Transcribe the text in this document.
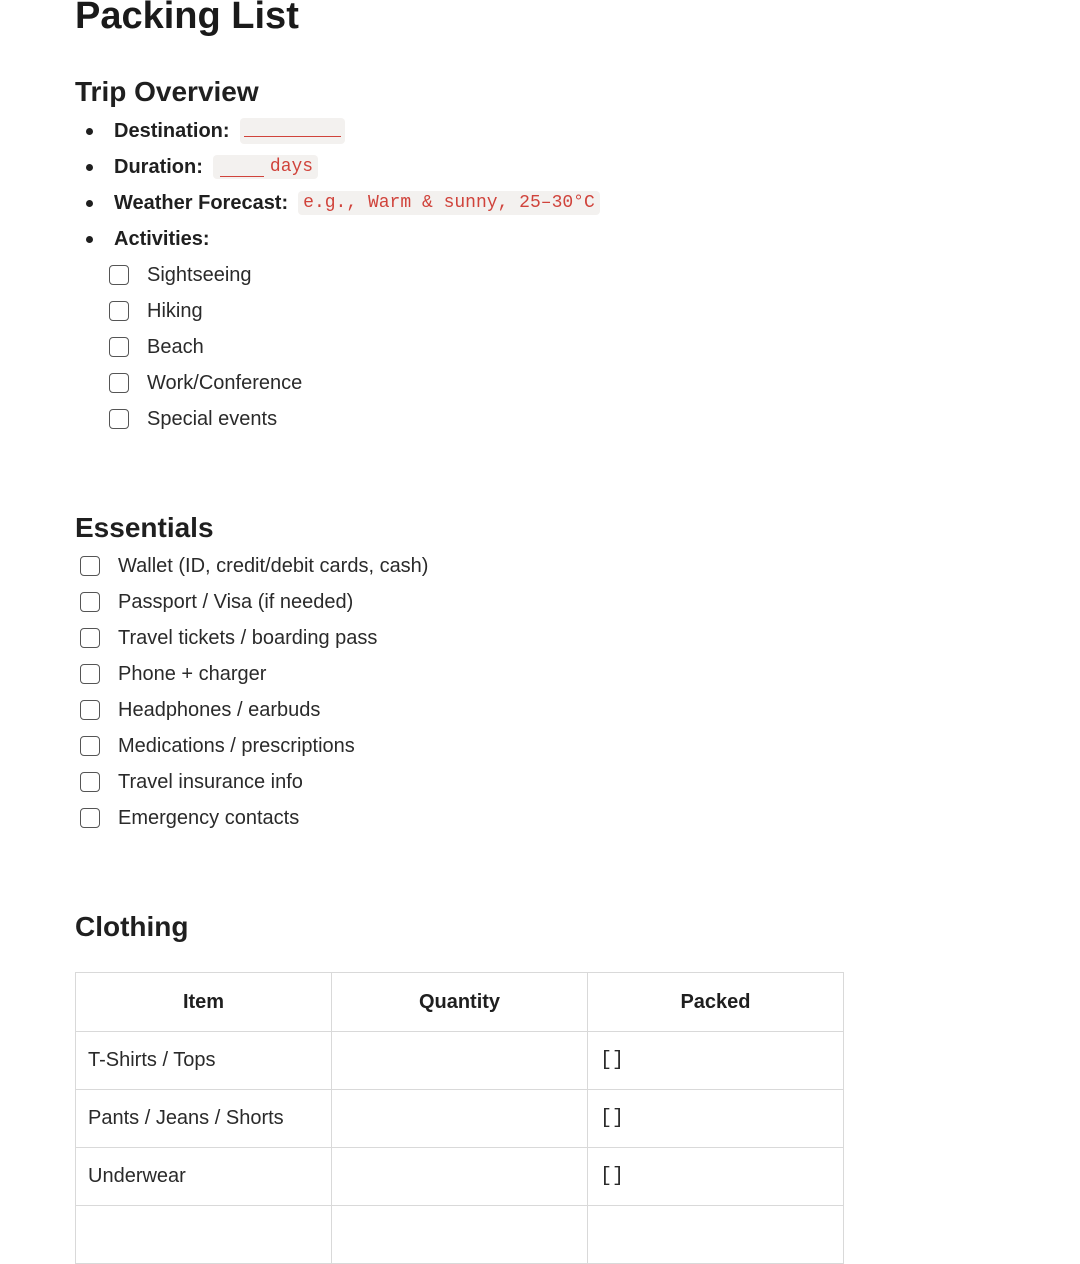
Packing List
Trip Overview
Destination:
Duration:	days
Weather Forecast: e.g., Warm & sunny, 25–30°C
Activities:
Sightseeing
Hiking
Beach
Work/Conference
Special events
Essentials
Wallet (ID, credit/debit cards, cash)
Passport / Visa (if needed)
Travel tickets / boarding pass
Phone + charger
Headphones / earbuds
Medications / prescriptions
Travel insurance info
Emergency contacts
Clothing
Item	Quantity	Packed
T-Shirts / Tops		[]
Pants / Jeans / Shorts		[]
Underwear		[]
